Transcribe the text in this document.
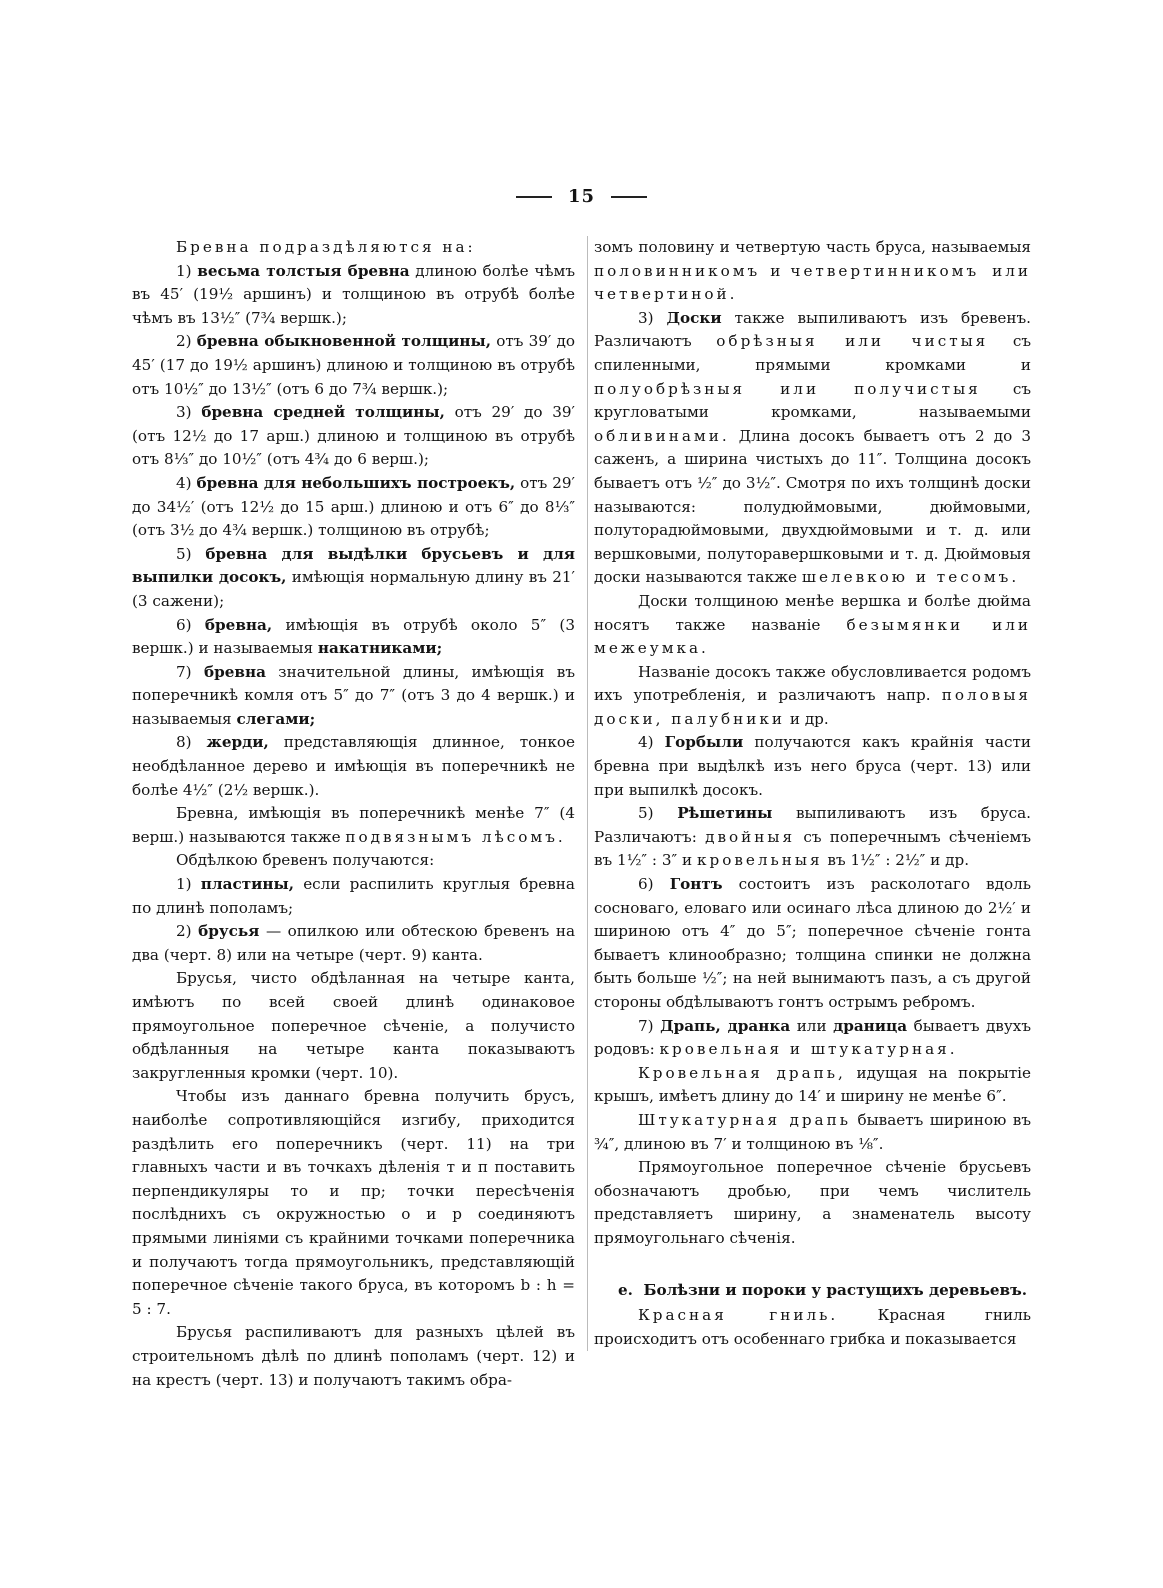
15

Бревна подраздѣляются на:

1) весьма толстыя бревна длиною болѣе чѣмъ въ 45′ (19½ аршинъ) и толщиною въ отрубѣ болѣе чѣмъ въ 13½″ (7¾ вершк.);

2) бревна обыкновенной толщины, отъ 39′ до 45′ (17 до 19½ аршинъ) длиною и толщиною въ отрубѣ отъ 10½″ до 13½″ (отъ 6 до 7¾ вершк.);

3) бревна средней толщины, отъ 29′ до 39′ (отъ 12½ до 17 арш.) длиною и толщиною въ отрубѣ отъ 8⅓″ до 10½″ (отъ 4¾ до 6 верш.);

4) бревна для небольшихъ построекъ, отъ 29′ до 34½′ (отъ 12½ до 15 арш.) длиною и отъ 6″ до 8⅓″ (отъ 3½ до 4¾ вершк.) толщиною въ отрубѣ;

5) бревна для выдѣлки брусьевъ и для выпилки досокъ, имѣющія нормальную длину въ 21′ (3 сажени);

6) бревна, имѣющія въ отрубѣ около 5″ (3 вершк.) и называемыя накатниками;

7) бревна значительной длины, имѣющія въ поперечникѣ комля отъ 5″ до 7″ (отъ 3 до 4 вершк.) и называемыя слегами;

8) жерди, представляющія длинное, тонкое необдѣланное дерево и имѣющія въ поперечникѣ не болѣе 4½″ (2½ вершк.).

Бревна, имѣющія въ поперечникѣ менѣе 7″ (4 верш.) называются также подвязнымъ лѣсомъ.

Обдѣлкою бревенъ получаются:

1) пластины, если распилить круглыя бревна по длинѣ пополамъ;

2) брусья — опилкою или обтескою бревенъ на два (черт. 8) или на четыре (черт. 9) канта.

Брусья, чисто обдѣланная на четыре канта, имѣютъ по всей своей длинѣ одинаковое прямоугольное поперечное сѣченіе, а получисто обдѣланныя на четыре канта показываютъ закругленныя кромки (черт. 10).

Чтобы изъ даннаго бревна получить брусъ, наиболѣе сопротивляющійся изгибу, приходится раздѣлить его поперечникъ (черт. 11) на три главныхъ части и въ точкахъ дѣленія т и п поставить перпендикуляры то и пр; точки пересѣченія послѣднихъ съ окружностью о и р соединяютъ прямыми линіями съ крайними точками поперечника и получаютъ тогда прямоугольникъ, представляющій поперечное сѣченіе такого бруса, въ которомъ b : h = 5 : 7.

Брусья распиливаютъ для разныхъ цѣлей въ строительномъ дѣлѣ по длинѣ пополамъ (черт. 12) и на крестъ (черт. 13) и получаютъ такимъ обра-

зомъ половину и четвертую часть бруса, называемыя половинникомъ и четвертинникомъ или четвертиной.

3) Доски также выпиливаютъ изъ бревенъ. Различаютъ обрѣзныя или чистыя съ спиленными, прямыми кромками и полуобрѣзныя или получистыя съ кругловатыми кромками, называемыми обливинами. Длина досокъ бываетъ отъ 2 до 3 саженъ, а ширина чистыхъ до 11″. Толщина досокъ бываетъ отъ ½″ до 3½″. Смотря по ихъ толщинѣ доски называются: полудюймовыми, дюймовыми, полуторадюймовыми, двухдюймовыми и т. д. или вершковыми, полуторавершковыми и т. д. Дюймовыя доски называются также шелевкою и тесомъ.

Доски толщиною менѣе вершка и болѣе дюйма носятъ также названіе безымянки или межеумка.

Названіе досокъ также обусловливается родомъ ихъ употребленія, и различаютъ напр. половыя доски, палубники и др.

4) Горбыли получаются какъ крайнія части бревна при выдѣлкѣ изъ него бруса (черт. 13) или при выпилкѣ досокъ.

5) Рѣшетины выпиливаютъ изъ бруса. Различаютъ: двойныя съ поперечнымъ сѣченіемъ въ 1½″ : 3″ и кровельныя въ 1½″ : 2½″ и др.

6) Гонтъ состоитъ изъ расколотаго вдоль сосноваго, еловаго или осинаго лѣса длиною до 2½′ и шириною отъ 4″ до 5″; поперечное сѣченіе гонта бываетъ клинообразно; толщина спинки не должна быть больше ½″; на ней вынимаютъ пазъ, а съ другой стороны обдѣлываютъ гонтъ острымъ ребромъ.

7) Драпь, дранка или драница бываетъ двухъ родовъ: кровельная и штукатурная.

Кровельная драпь, идущая на покрытіе крышъ, имѣетъ длину до 14′ и ширину не менѣе 6″.

Штукатурная драпь бываетъ шириною въ ¾″, длиною въ 7′ и толщиною въ ⅛″.

Прямоугольное поперечное сѣченіе брусьевъ обозначаютъ дробью, при чемъ числитель представляетъ ширину, а знаменатель высоту прямоугольнаго сѣченія.

е. Болѣзни и пороки у растущихъ деревьевъ.

Красная гниль.	Красная гниль происходитъ отъ особеннаго грибка и показывается
